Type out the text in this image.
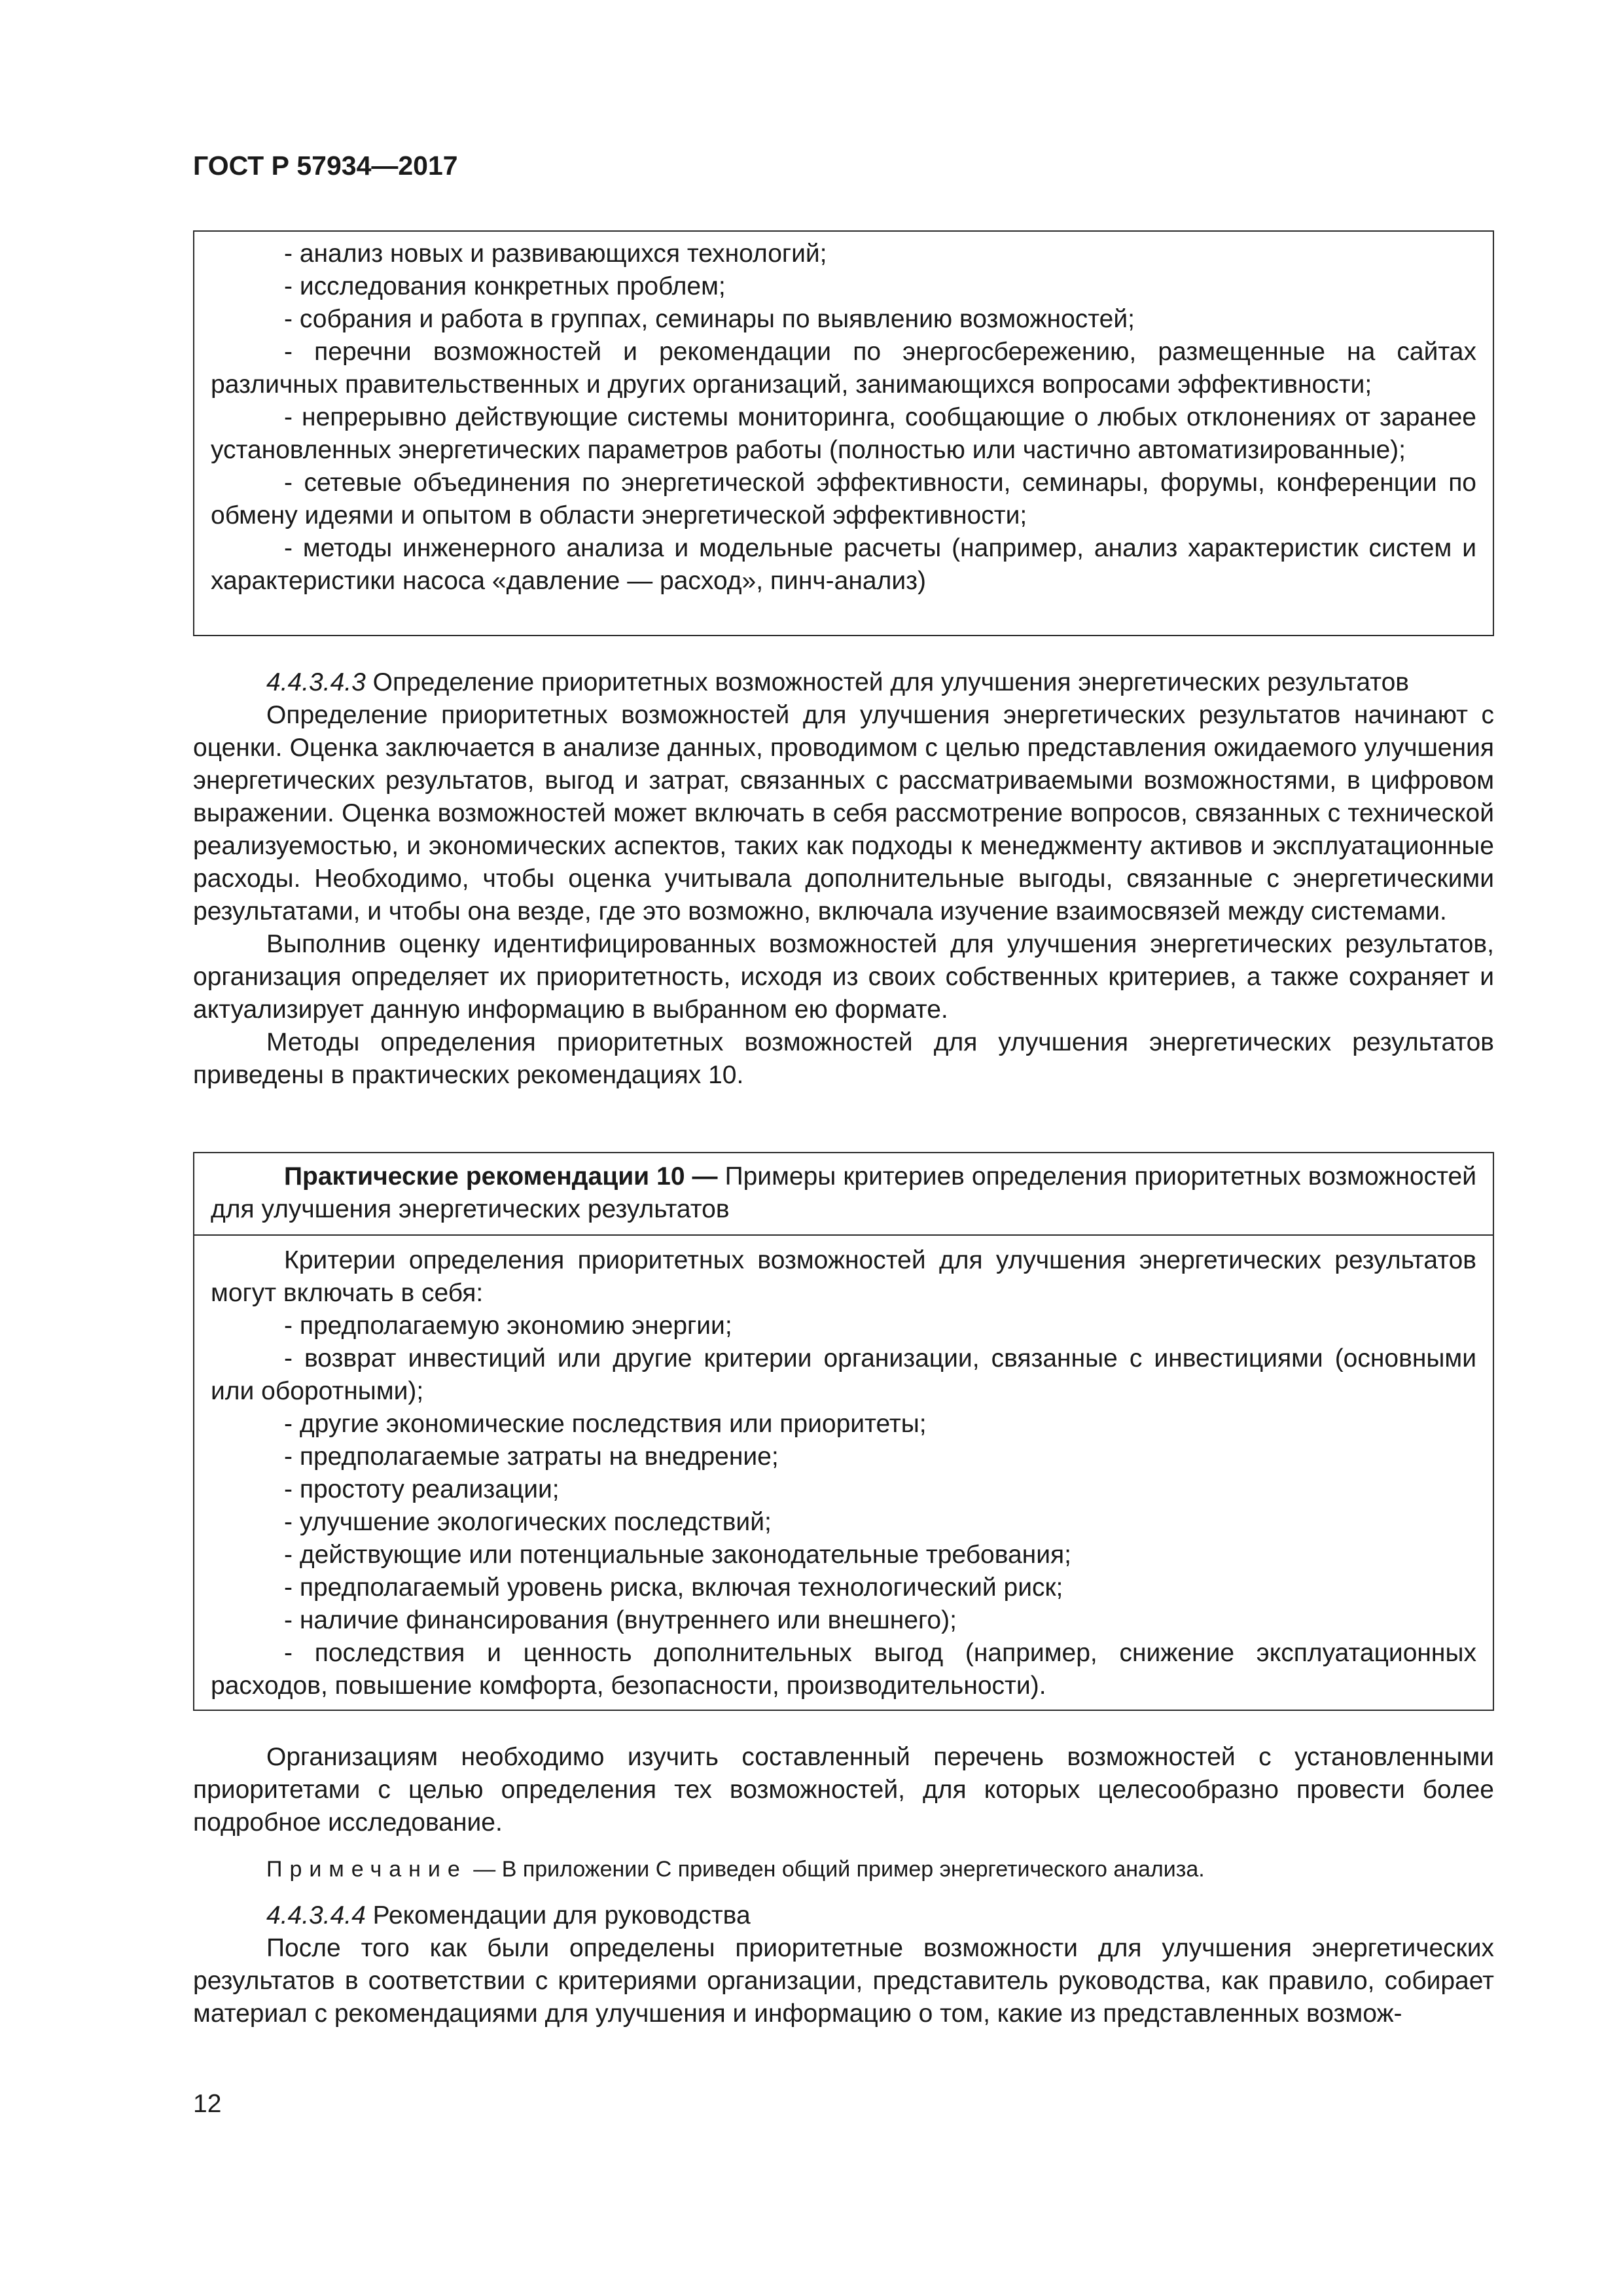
ГОСТ Р 57934—2017

- анализ новых и развивающихся технологий;

- исследования конкретных проблем;

- собрания и работа в группах, семинары по выявлению возможностей;

- перечни возможностей и рекомендации по энергосбережению, размещенные на сайтах различных правительственных и других организаций, занимающихся вопросами эффективности;

- непрерывно действующие системы мониторинга, сообщающие о любых отклонениях от заранее установленных энергетических параметров работы (полностью или частично автоматизированные);

- сетевые объединения по энергетической эффективности, семинары, форумы, конференции по обмену идеями и опытом в области энергетической эффективности;

- методы инженерного анализа и модельные расчеты (например, анализ характеристик систем и характеристики насоса «давление — расход», пинч-анализ)

4.4.3.4.3 Определение приоритетных возможностей для улучшения энергетических результатов

Определение приоритетных возможностей для улучшения энергетических результатов начинают с оценки. Оценка заключается в анализе данных, проводимом с целью представления ожидаемого улучшения энергетических результатов, выгод и затрат, связанных с рассматриваемыми возможностями, в цифровом выражении. Оценка возможностей может включать в себя рассмотрение вопросов, связанных с технической реализуемостью, и экономических аспектов, таких как подходы к менеджменту активов и эксплуатационные расходы. Необходимо, чтобы оценка учитывала дополнительные выгоды, связанные с энергетическими результатами, и чтобы она везде, где это возможно, включала изучение взаимосвязей между системами.

Выполнив оценку идентифицированных возможностей для улучшения энергетических результатов, организация определяет их приоритетность, исходя из своих собственных критериев, а также сохраняет и актуализирует данную информацию в выбранном ею формате.

Методы определения приоритетных возможностей для улучшения энергетических результатов приведены в практических рекомендациях 10.

Практические рекомендации 10 — Примеры критериев определения приоритетных возможностей для улучшения энергетических результатов

Критерии определения приоритетных возможностей для улучшения энергетических результатов могут включать в себя:

- предполагаемую экономию энергии;

- возврат инвестиций или другие критерии организации, связанные с инвестициями (основными или оборотными);

- другие экономические последствия или приоритеты;

- предполагаемые затраты на внедрение;

- простоту реализации;

- улучшение экологических последствий;

- действующие или потенциальные законодательные требования;

- предполагаемый уровень риска, включая технологический риск;

- наличие финансирования (внутреннего или внешнего);

- последствия и ценность дополнительных выгод (например, снижение эксплуатационных расходов, повышение комфорта, безопасности, производительности).

Организациям необходимо изучить составленный перечень возможностей с установленными приоритетами с целью определения тех возможностей, для которых целесообразно провести более подробное исследование.

Примечание — В приложении С приведен общий пример энергетического анализа.

4.4.3.4.4 Рекомендации для руководства

После того как были определены приоритетные возможности для улучшения энергетических результатов в соответствии с критериями организации, представитель руководства, как правило, собирает материал с рекомендациями для улучшения и информацию о том, какие из представленных возмож-

12
